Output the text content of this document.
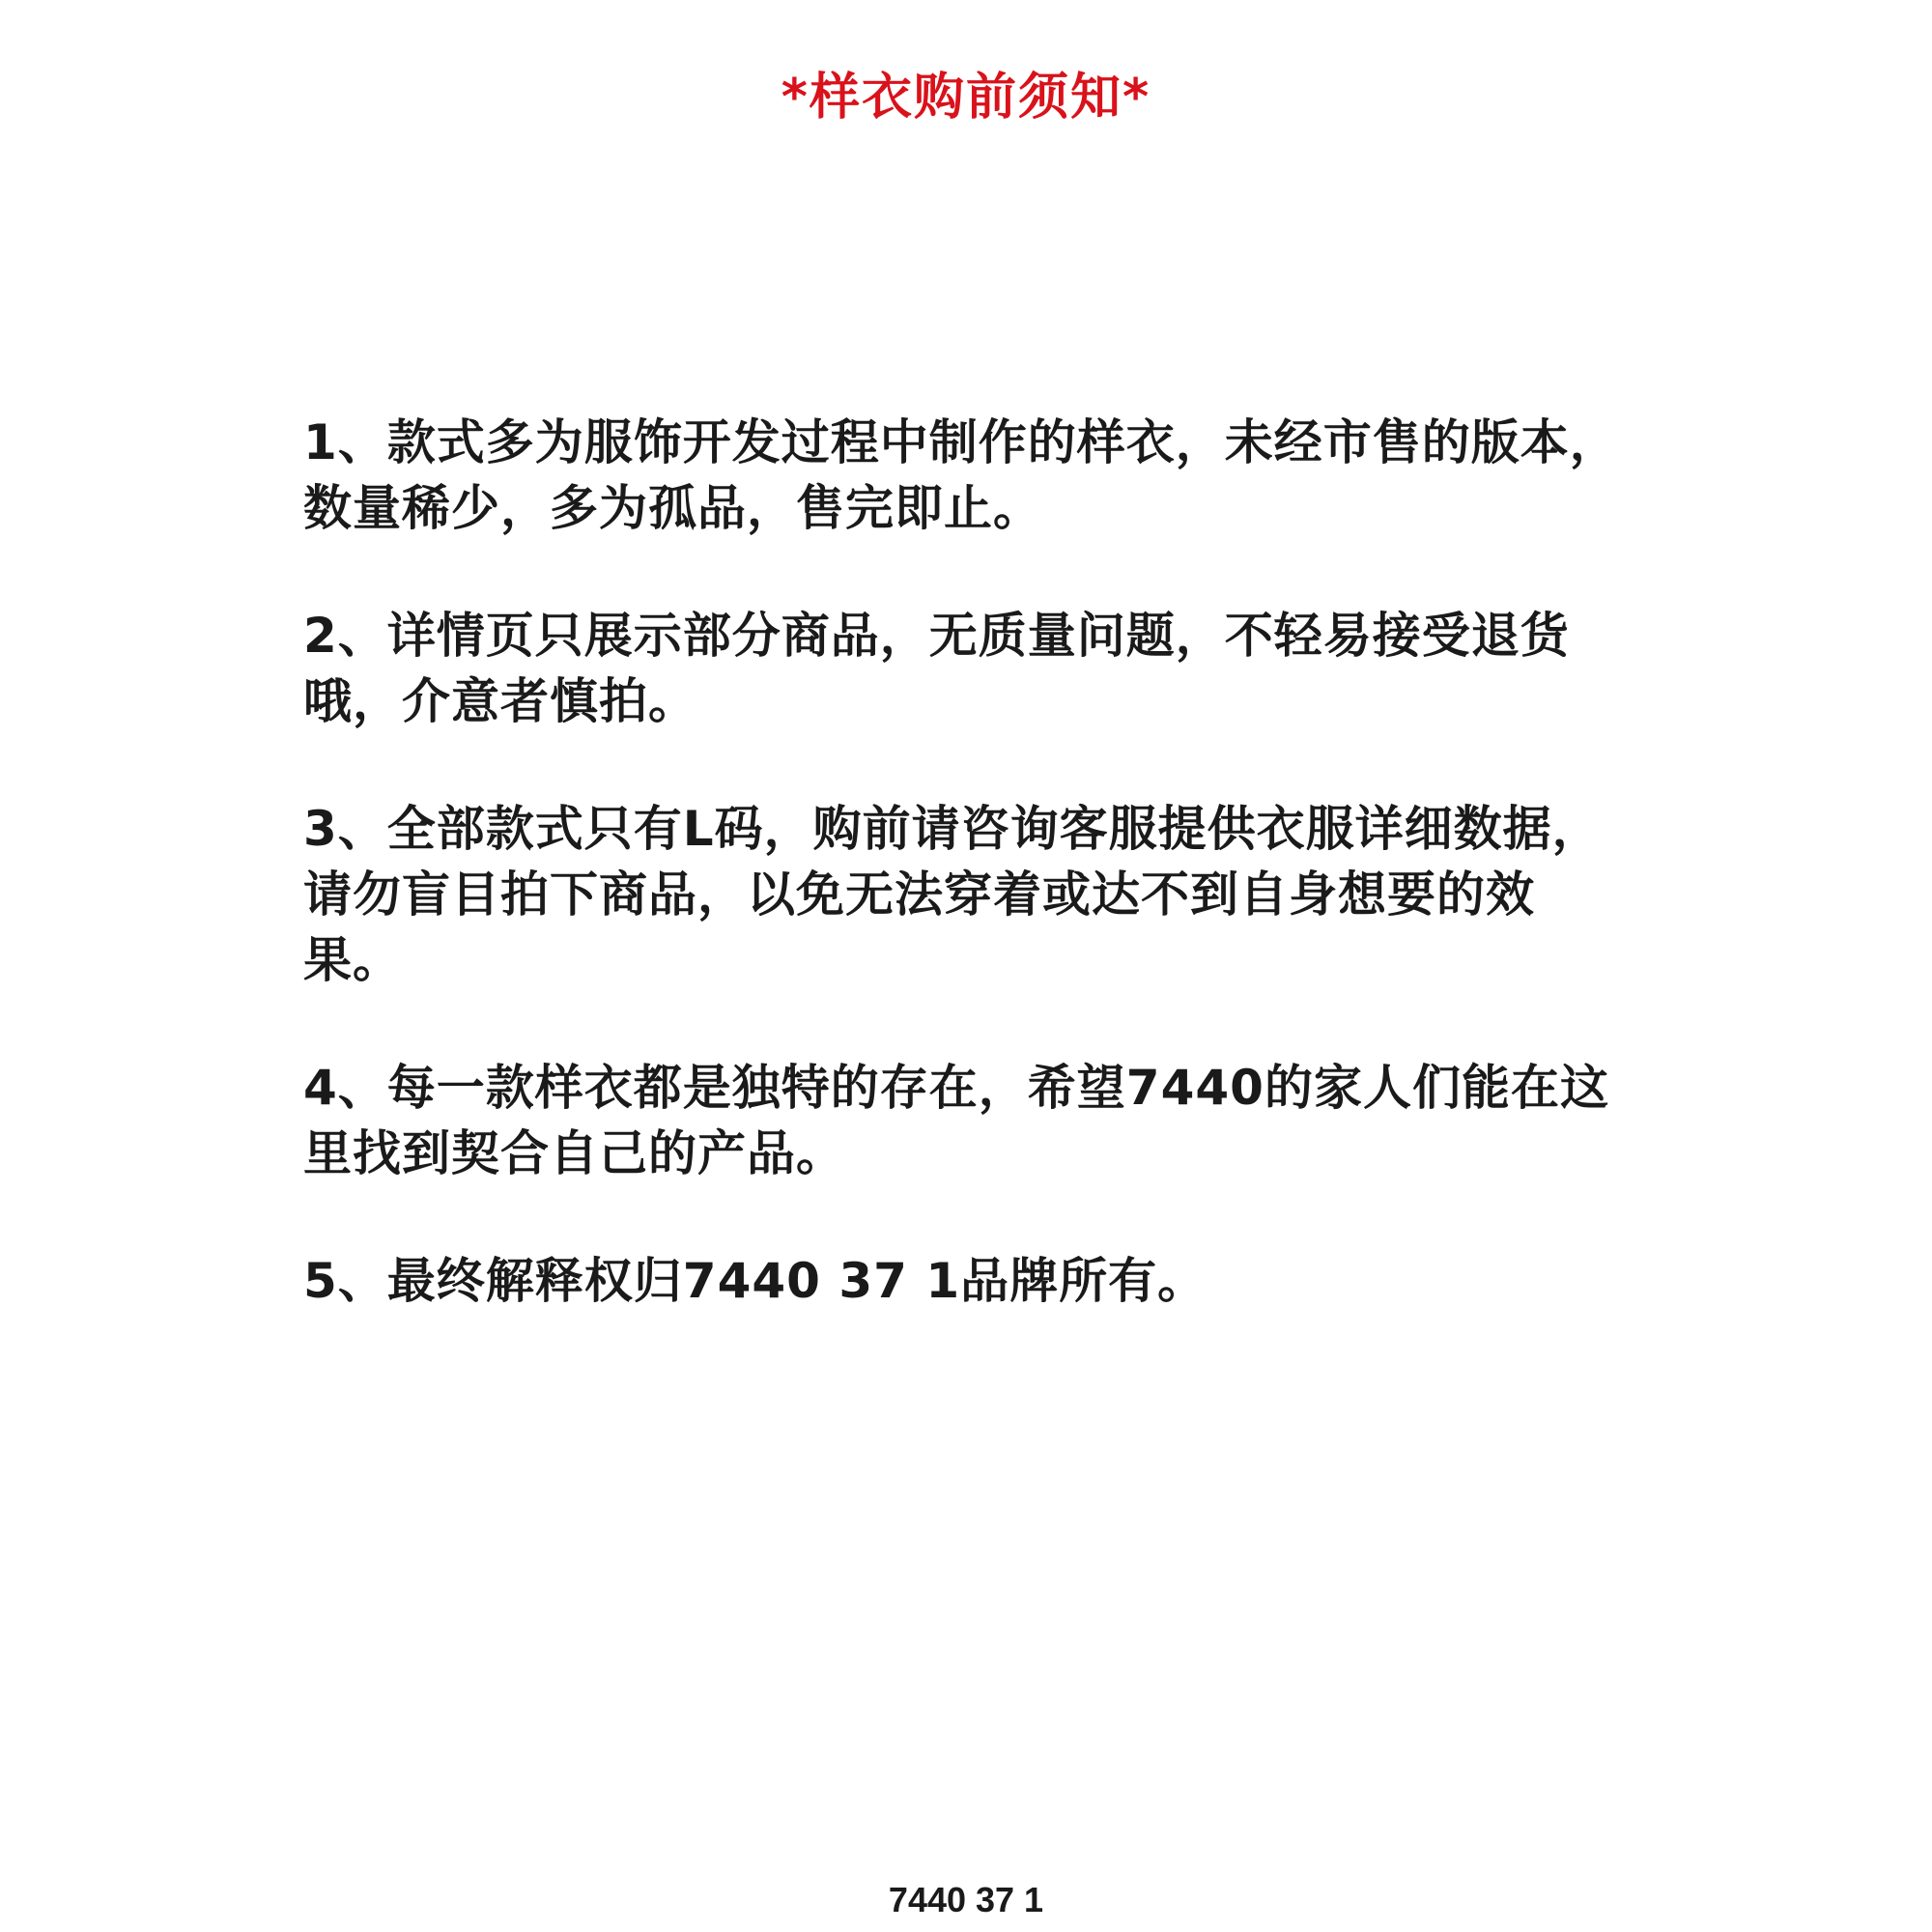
*样衣购前须知*

1、款式多为服饰开发过程中制作的样衣，未经市售的版本，数量稀少，多为孤品，售完即止。

2、详情页只展示部分商品，无质量问题，不轻易接受退货哦，介意者慎拍。

3、全部款式只有L码，购前请咨询客服提供衣服详细数据，请勿盲目拍下商品，以免无法穿着或达不到自身想要的效果。

4、每一款样衣都是独特的存在，希望7440的家人们能在这里找到契合自己的产品。

5、最终解释权归7440 37 1品牌所有。

7440 37 1
